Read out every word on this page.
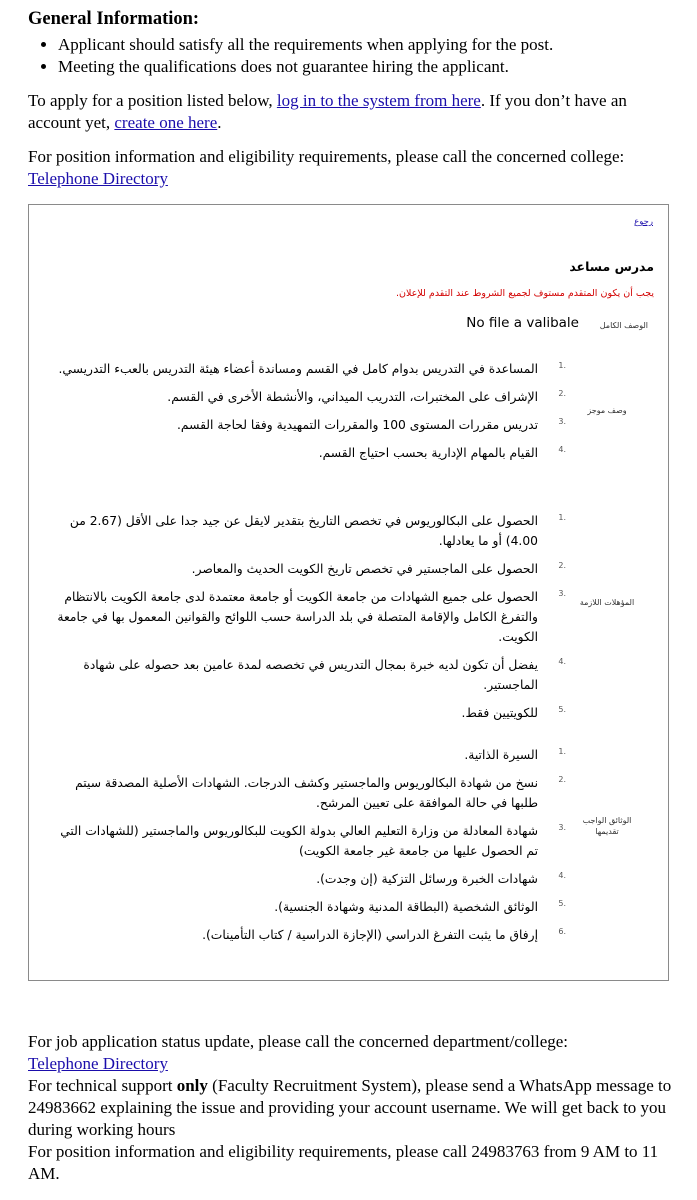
General Information:
• Applicant should satisfy all the requirements when applying for the post.
• Meeting the qualifications does not guarantee hiring the applicant.

To apply for a position listed below, log in to the system from here. If you don’t have an account yet, create one here.

For position information and eligibility requirements, please call the concerned college: Telephone Directory

رجوع
مدرس مساعد
يجب أن يكون المتقدم مستوف لجميع الشروط عند التقدم للإعلان.
الوصف الكامل
No file a valibale
وصف موجز
1.
المساعدة في التدريس بدوام كامل في القسم ومساندة أعضاء هيئة التدريس بالعبء التدريسي.
2.
الإشراف على المختبرات، التدريب الميداني، والأنشطة الأخرى في القسم.
3.
تدريس مقررات المستوى 100 والمقررات التمهيدية وفقا لحاجة القسم.
4.
القيام بالمهام الإدارية بحسب احتياج القسم.
المؤهلات اللازمة
1.
الحصول على البكالوريوس في تخصص التاريخ بتقدير لايقل عن جيد جدا على الأقل (2.67 من 4.00) أو ما يعادلها.
2.
الحصول على الماجستير في تخصص تاريخ الكويت الحديث والمعاصر.
3.
الحصول على جميع الشهادات من جامعة الكويت أو جامعة معتمدة لدى جامعة الكويت بالانتظام والتفرغ الكامل والإقامة المتصلة في بلد الدراسة حسب اللوائح والقوانين المعمول بها في جامعة الكويت.
4.
يفضل أن تكون لديه خبرة بمجال التدريس في تخصصه لمدة عامين بعد حصوله على شهادة الماجستير.
5.
للكويتيين فقط.
الوثائق الواجب تقديمها
1.
السيرة الذاتية.
2.
نسخ من شهادة البكالوريوس والماجستير وكشف الدرجات. الشهادات الأصلية المصدقة سيتم طلبها في حالة الموافقة على تعيين المرشح.
3.
شهادة المعادلة من وزارة التعليم العالي بدولة الكويت للبكالوريوس والماجستير (للشهادات التي تم الحصول عليها من جامعة غير جامعة الكويت)
4.
شهادات الخبرة ورسائل التزكية (إن وجدت).
5.
الوثائق الشخصية (البطاقة المدنية وشهادة الجنسية).
6.
إرفاق ما يثبت التفرغ الدراسي (الإجازة الدراسية / كتاب التأمينات).

For job application status update, please call the concerned department/college:

Telephone Directory

For technical support only (Faculty Recruitment System), please send a WhatsApp message to 24983662 explaining the issue and providing your account username. We will get back to you during working hours

For position information and eligibility requirements, please call 24983763 from 9 AM to 11 AM.
